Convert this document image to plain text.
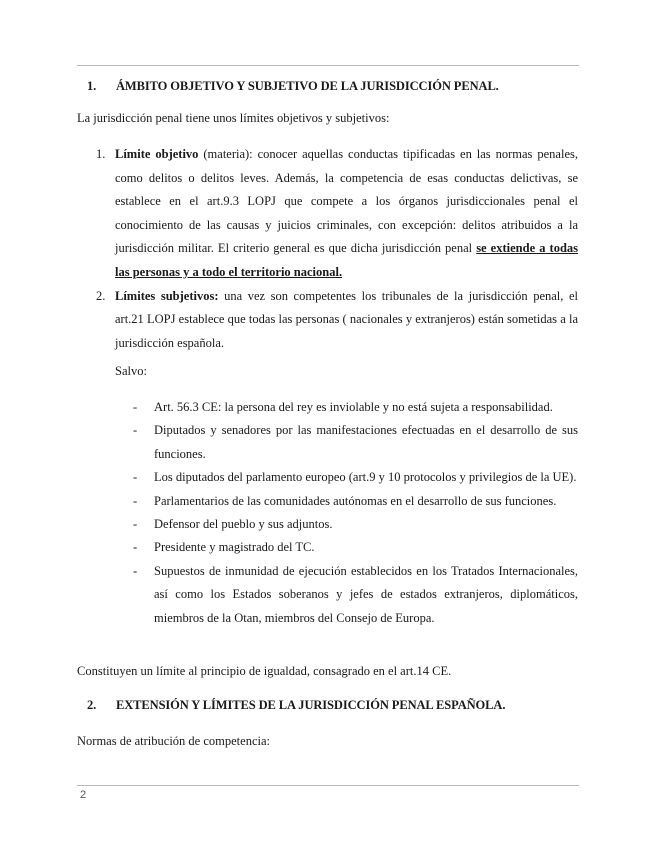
1. ÁMBITO OBJETIVO Y SUBJETIVO DE LA JURISDICCIÓN PENAL.
La jurisdicción penal tiene unos límites objetivos y subjetivos:
1. Límite objetivo (materia): conocer aquellas conductas tipificadas en las normas penales, como delitos o delitos leves. Además, la competencia de esas conductas delictivas, se establece en el art.9.3 LOPJ que compete a los órganos jurisdiccionales penal el conocimiento de las causas y juicios criminales, con excepción: delitos atribuidos a la jurisdicción militar. El criterio general es que dicha jurisdicción penal se extiende a todas las personas y a todo el territorio nacional.
2. Límites subjetivos: una vez son competentes los tribunales de la jurisdicción penal, el art.21 LOPJ establece que todas las personas ( nacionales y extranjeros) están sometidas a la jurisdicción española.
Salvo:
- Art. 56.3 CE: la persona del rey es inviolable y no está sujeta a responsabilidad.
- Diputados y senadores por las manifestaciones efectuadas en el desarrollo de sus funciones.
- Los diputados del parlamento europeo (art.9 y 10 protocolos y privilegios de la UE).
- Parlamentarios de las comunidades autónomas en el desarrollo de sus funciones.
- Defensor del pueblo y sus adjuntos.
- Presidente y magistrado del TC.
- Supuestos de inmunidad de ejecución establecidos en los Tratados Internacionales, así como los Estados soberanos y jefes de estados extranjeros, diplomáticos, miembros de la Otan, miembros del Consejo de Europa.
Constituyen un límite al principio de igualdad, consagrado en el art.14 CE.
2. EXTENSIÓN Y LÍMITES DE LA JURISDICCIÓN PENAL ESPAÑOLA.
Normas de atribución de competencia:
2
